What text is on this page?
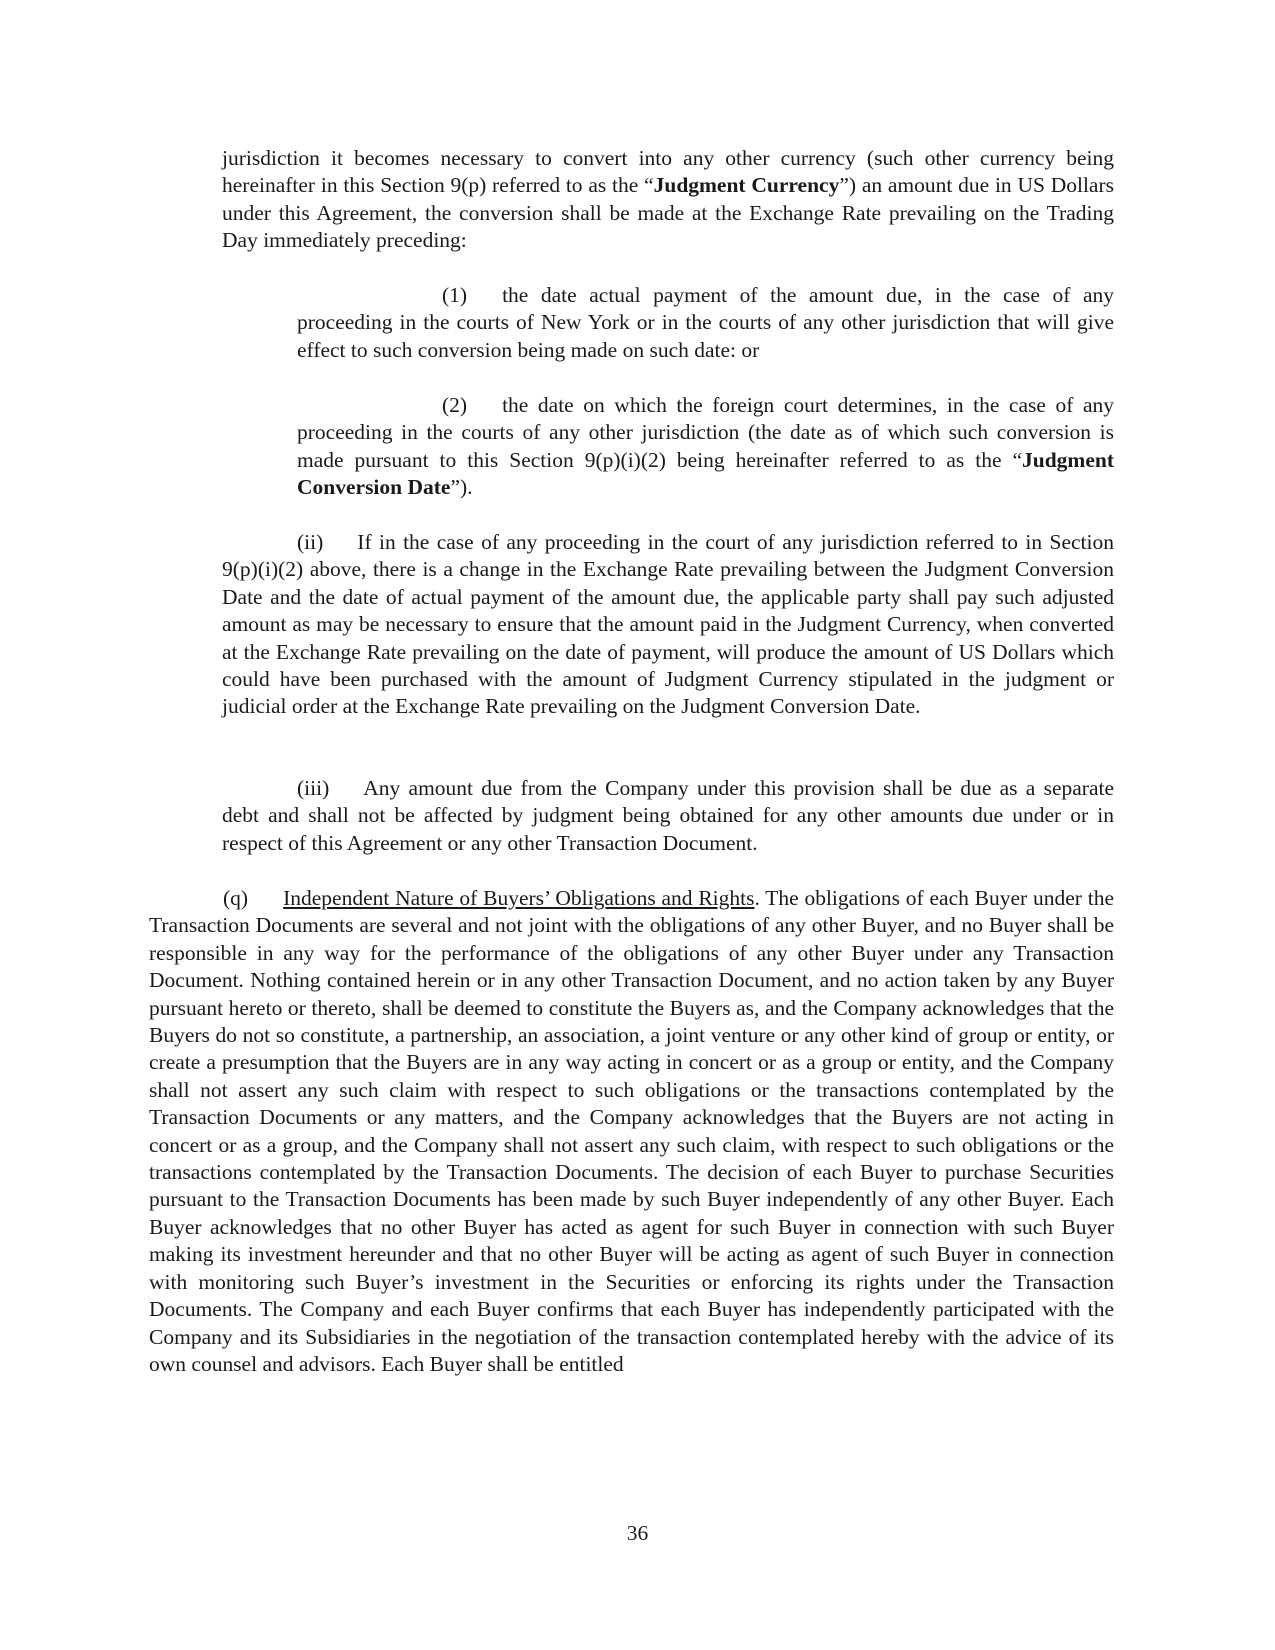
jurisdiction it becomes necessary to convert into any other currency (such other currency being hereinafter in this Section 9(p) referred to as the “Judgment Currency”) an amount due in US Dollars under this Agreement, the conversion shall be made at the Exchange Rate prevailing on the Trading Day immediately preceding:

(1) the date actual payment of the amount due, in the case of any proceeding in the courts of New York or in the courts of any other jurisdiction that will give effect to such conversion being made on such date: or

(2) the date on which the foreign court determines, in the case of any proceeding in the courts of any other jurisdiction (the date as of which such conversion is made pursuant to this Section 9(p)(i)(2) being hereinafter referred to as the “Judgment Conversion Date”).

(ii) If in the case of any proceeding in the court of any jurisdiction referred to in Section 9(p)(i)(2) above, there is a change in the Exchange Rate prevailing between the Judgment Conversion Date and the date of actual payment of the amount due, the applicable party shall pay such adjusted amount as may be necessary to ensure that the amount paid in the Judgment Currency, when converted at the Exchange Rate prevailing on the date of payment, will produce the amount of US Dollars which could have been purchased with the amount of Judgment Currency stipulated in the judgment or judicial order at the Exchange Rate prevailing on the Judgment Conversion Date.

(iii) Any amount due from the Company under this provision shall be due as a separate debt and shall not be affected by judgment being obtained for any other amounts due under or in respect of this Agreement or any other Transaction Document.

(q) Independent Nature of Buyers’ Obligations and Rights. The obligations of each Buyer under the Transaction Documents are several and not joint with the obligations of any other Buyer, and no Buyer shall be responsible in any way for the performance of the obligations of any other Buyer under any Transaction Document. Nothing contained herein or in any other Transaction Document, and no action taken by any Buyer pursuant hereto or thereto, shall be deemed to constitute the Buyers as, and the Company acknowledges that the Buyers do not so constitute, a partnership, an association, a joint venture or any other kind of group or entity, or create a presumption that the Buyers are in any way acting in concert or as a group or entity, and the Company shall not assert any such claim with respect to such obligations or the transactions contemplated by the Transaction Documents or any matters, and the Company acknowledges that the Buyers are not acting in concert or as a group, and the Company shall not assert any such claim, with respect to such obligations or the transactions contemplated by the Transaction Documents. The decision of each Buyer to purchase Securities pursuant to the Transaction Documents has been made by such Buyer independently of any other Buyer. Each Buyer acknowledges that no other Buyer has acted as agent for such Buyer in connection with such Buyer making its investment hereunder and that no other Buyer will be acting as agent of such Buyer in connection with monitoring such Buyer’s investment in the Securities or enforcing its rights under the Transaction Documents. The Company and each Buyer confirms that each Buyer has independently participated with the Company and its Subsidiaries in the negotiation of the transaction contemplated hereby with the advice of its own counsel and advisors. Each Buyer shall be entitled

36
